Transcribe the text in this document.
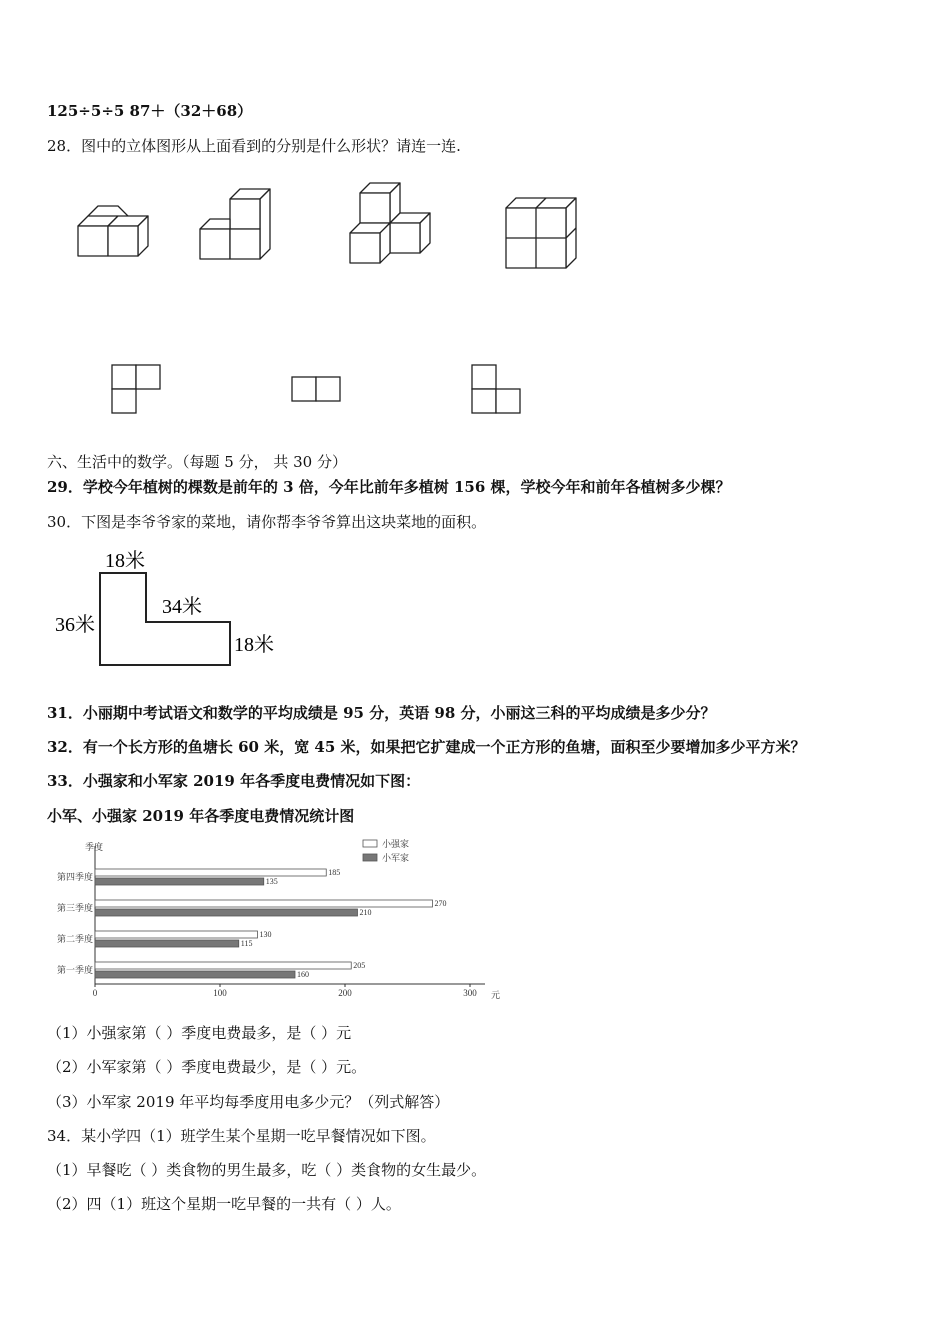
125÷5÷5 87＋（32＋68）
28．图中的立体图形从上面看到的分别是什么形状？请连一连.
六、生活中的数学。（每题 5 分， 共 30 分）
29．学校今年植树的棵数是前年的 3 倍，今年比前年多植树 156 棵，学校今年和前年各植树多少棵？
30．下图是李爷爷家的菜地，请你帮李爷爷算出这块菜地的面积。
18米
36米
34米
18米
31．小丽期中考试语文和数学的平均成绩是 95 分，英语 98 分，小丽这三科的平均成绩是多少分？
32．有一个长方形的鱼塘长 60 米，宽 45 米，如果把它扩建成一个正方形的鱼塘，面积至少要增加多少平方米？
33．小强家和小军家 2019 年各季度电费情况如下图：
小军、小强家 2019 年各季度电费情况统计图
季度
元
0	100	200	300
小强家
小军家
第四季度
185
135
第三季度
270
210
第二季度
130
115
第一季度
205
160
（1）小强家第（ ）季度电费最多，是（ ）元
（2）小军家第（ ）季度电费最少，是（ ）元。
（3）小军家 2019 年平均每季度用电多少元？（列式解答）
34．某小学四（1）班学生某个星期一吃早餐情况如下图。
（1）早餐吃（ ）类食物的男生最多，吃（ ）类食物的女生最少。
（2）四（1）班这个星期一吃早餐的一共有（ ）人。
